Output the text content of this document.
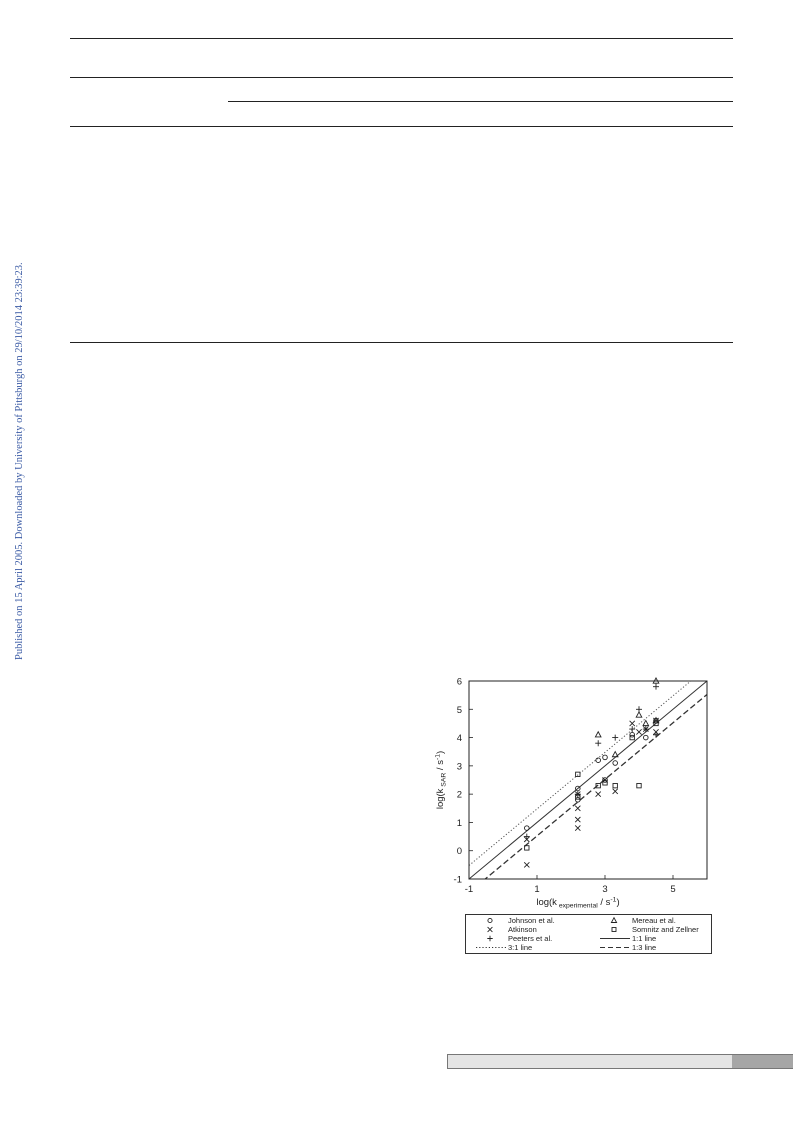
Published on 15 April 2005. Downloaded by University of Pittsburgh on 29/10/2014 23:39:23.
-1	1	3	5
-1
0
1
2
3
4
5
6
log(k $_{experimental} / s^{-1}$)
log(k $_{SAR} / s^{-1}$)
Johnson et al.	Mereau et al.
Atkinson	Somnitz and Zellner
Peeters et al.	1:1 line
3:1 line	1:3 line
